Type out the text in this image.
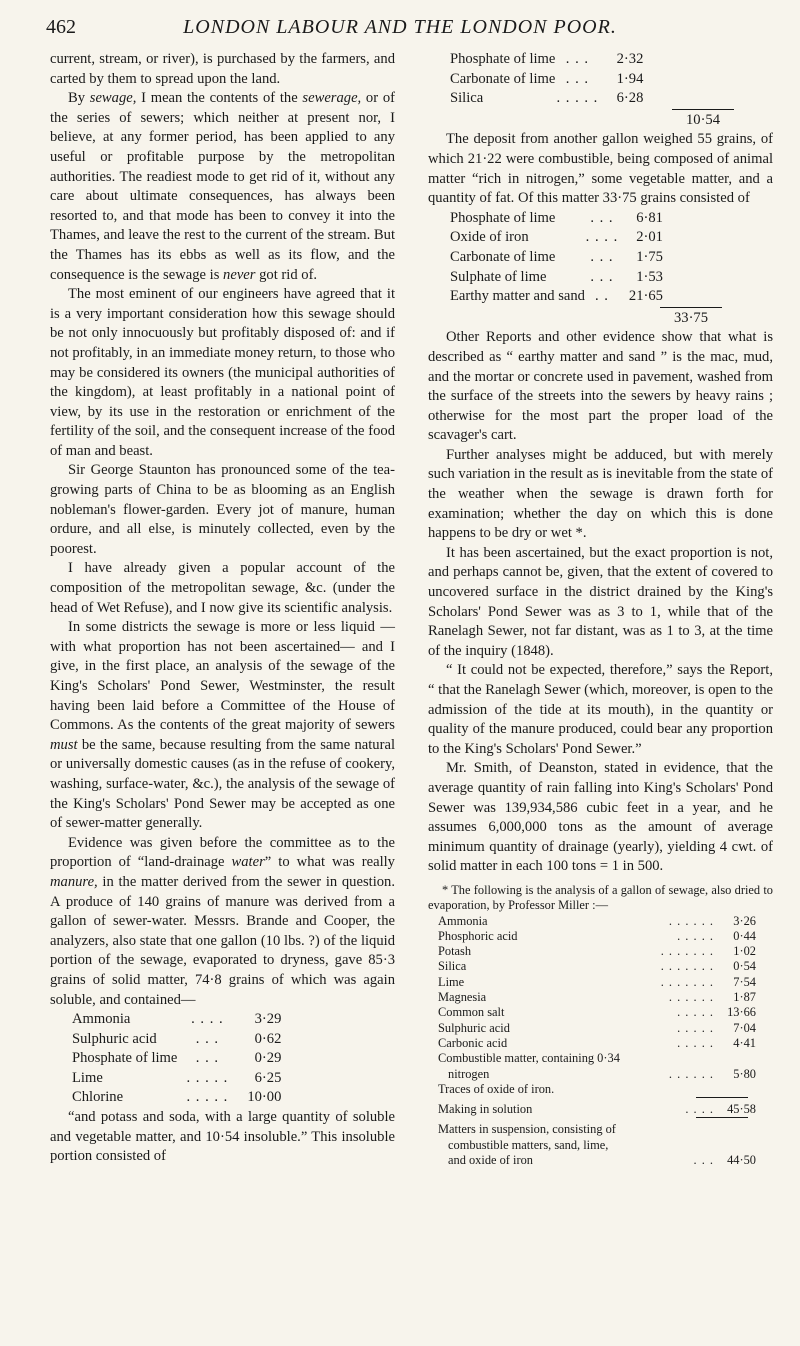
462	LONDON LABOUR AND THE LONDON POOR.

current, stream, or river), is purchased by the farmers, and carted by them to spread upon the land.

By sewage, I mean the contents of the sewerage, or of the series of sewers; which neither at present nor, I believe, at any former period, has been applied to any useful or profitable purpose by the metropolitan authorities. The readiest mode to get rid of it, without any care about ultimate consequences, has always been resorted to, and that mode has been to convey it into the Thames, and leave the rest to the current of the stream. But the Thames has its ebbs as well as its flow, and the consequence is the sewage is never got rid of.

The most eminent of our engineers have agreed that it is a very important consideration how this sewage should be not only innocuously but profitably disposed of: and if not profitably, in an immediate money return, to those who may be considered its owners (the municipal authorities of the kingdom), at least profitably in a national point of view, by its use in the restoration or enrichment of the fertility of the soil, and the consequent increase of the food of man and beast.

Sir George Staunton has pronounced some of the tea-growing parts of China to be as blooming as an English nobleman's flower-garden. Every jot of manure, human ordure, and all else, is minutely collected, even by the poorest.

I have already given a popular account of the composition of the metropolitan sewage, &c. (under the head of Wet Refuse), and I now give its scientific analysis.

In some districts the sewage is more or less liquid —with what proportion has not been ascertained— and I give, in the first place, an analysis of the sewage of the King's Scholars' Pond Sewer, Westminster, the result having been laid before a Committee of the House of Commons. As the contents of the great majority of sewers must be the same, because resulting from the same natural or universally domestic causes (as in the refuse of cookery, washing, surface-water, &c.), the analysis of the sewage of the King's Scholars' Pond Sewer may be accepted as one of sewer-matter generally.

Evidence was given before the committee as to the proportion of “land-drainage water” to what was really manure, in the matter derived from the sewer in question. A produce of 140 grains of manure was derived from a gallon of sewer-water. Messrs. Brande and Cooper, the analyzers, also state that one gallon (10 lbs. ?) of the liquid portion of the sewage, evaporated to dryness, gave 85·3 grains of solid matter, 74·8 grains of which was again soluble, and contained—

Ammonia	. . . .	3·29
Sulphuric acid	. . .	0·62
Phosphate of lime	. . .	0·29
Lime	. . . . .	6·25
Chlorine	. . . . .	10·00

“and potass and soda, with a large quantity of soluble and vegetable matter, and 10·54 insoluble.” This insoluble portion consisted of

Phosphate of lime	. . .	2·32
Carbonate of lime	. . .	1·94
Silica	. . . . .	6·28
10·54

The deposit from another gallon weighed 55 grains, of which 21·22 were combustible, being composed of animal matter “rich in nitrogen,” some vegetable matter, and a quantity of fat. Of this matter 33·75 grains consisted of

Phosphate of lime	. . .	6·81
Oxide of iron	. . . .	2·01
Carbonate of lime	. . .	1·75
Sulphate of lime	. . .	1·53
Earthy matter and sand	. .	21·65
33·75

Other Reports and other evidence show that what is described as “ earthy matter and sand ” is the mac, mud, and the mortar or concrete used in pavement, washed from the surface of the streets into the sewers by heavy rains ; otherwise for the most part the proper load of the scavager's cart.

Further analyses might be adduced, but with merely such variation in the result as is inevitable from the state of the weather when the sewage is drawn forth for examination; whether the day on which this is done happens to be dry or wet *.

It has been ascertained, but the exact proportion is not, and perhaps cannot be, given, that the extent of covered to uncovered surface in the district drained by the King's Scholars' Pond Sewer was as 3 to 1, while that of the Ranelagh Sewer, not far distant, was as 1 to 3, at the time of the inquiry (1848).

“ It could not be expected, therefore,” says the Report, “ that the Ranelagh Sewer (which, moreover, is open to the admission of the tide at its mouth), in the quantity or quality of the manure produced, could bear any proportion to the King's Scholars' Pond Sewer.”

Mr. Smith, of Deanston, stated in evidence, that the average quantity of rain falling into King's Scholars' Pond Sewer was 139,934,586 cubic feet in a year, and he assumes 6,000,000 tons as the amount of average minimum quantity of drainage (yearly), yielding 4 cwt. of solid matter in each 100 tons = 1 in 500.

* The following is the analysis of a gallon of sewage, also dried to evaporation, by Professor Miller :—

Ammonia	. . . . . .	3·26
Phosphoric acid	. . . . .	0·44
Potash	. . . . . . .	1·02
Silica	. . . . . . .	0·54
Lime	. . . . . . .	7·54
Magnesia	. . . . . .	1·87
Common salt	. . . . .	13·66
Sulphuric acid	. . . . .	7·04
Carbonic acid	. . . . .	4·41
Combustible matter, containing 0·34		
nitrogen	. . . . . .	5·80
Traces of oxide of iron.		
Making in solution	. . . .	45·58
Matters in suspension, consisting of
combustible matters, sand, lime,
and oxide of iron	. . .	44·50
